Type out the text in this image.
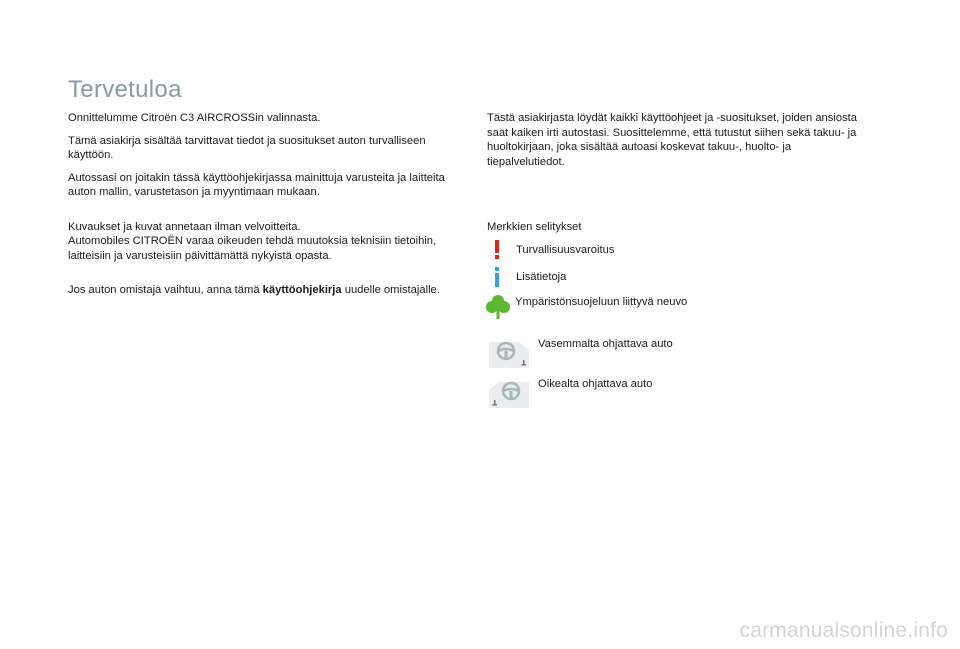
Tervetuloa

Onnittelumme Citroën C3 AIRCROSSin valinnasta.

Tämä asiakirja sisältää tarvittavat tiedot ja suositukset auton turvalliseen käyttöön.

Autossasi on joitakin tässä käyttöohjekirjassa mainittuja varusteita ja laitteita auton mallin, varustetason ja myyntimaan mukaan.

Kuvaukset ja kuvat annetaan ilman velvoitteita.

Automobiles CITROËN varaa oikeuden tehdä muutoksia teknisiin tietoihin, laitteisiin ja varusteisiin päivittämättä nykyistä opasta.

Jos auton omistaja vaihtuu, anna tämä käyttöohjekirja uudelle omistajalle.

Tästä asiakirjasta löydät kaikki käyttöohjeet ja -suositukset, joiden ansiosta saat kaiken irti autostasi. Suosittelemme, että tutustut siihen sekä takuu- ja huoltokirjaan, joka sisältää autoasi koskevat takuu-, huolto- ja tiepalvelutiedot.

Merkkien selitykset
Turvallisuusvaroitus
Lisätietoja
Ympäristönsuojeluun liittyvä neuvo
Vasemmalta ohjattava auto
Oikealta ohjattava auto
carmanualsonline.info
